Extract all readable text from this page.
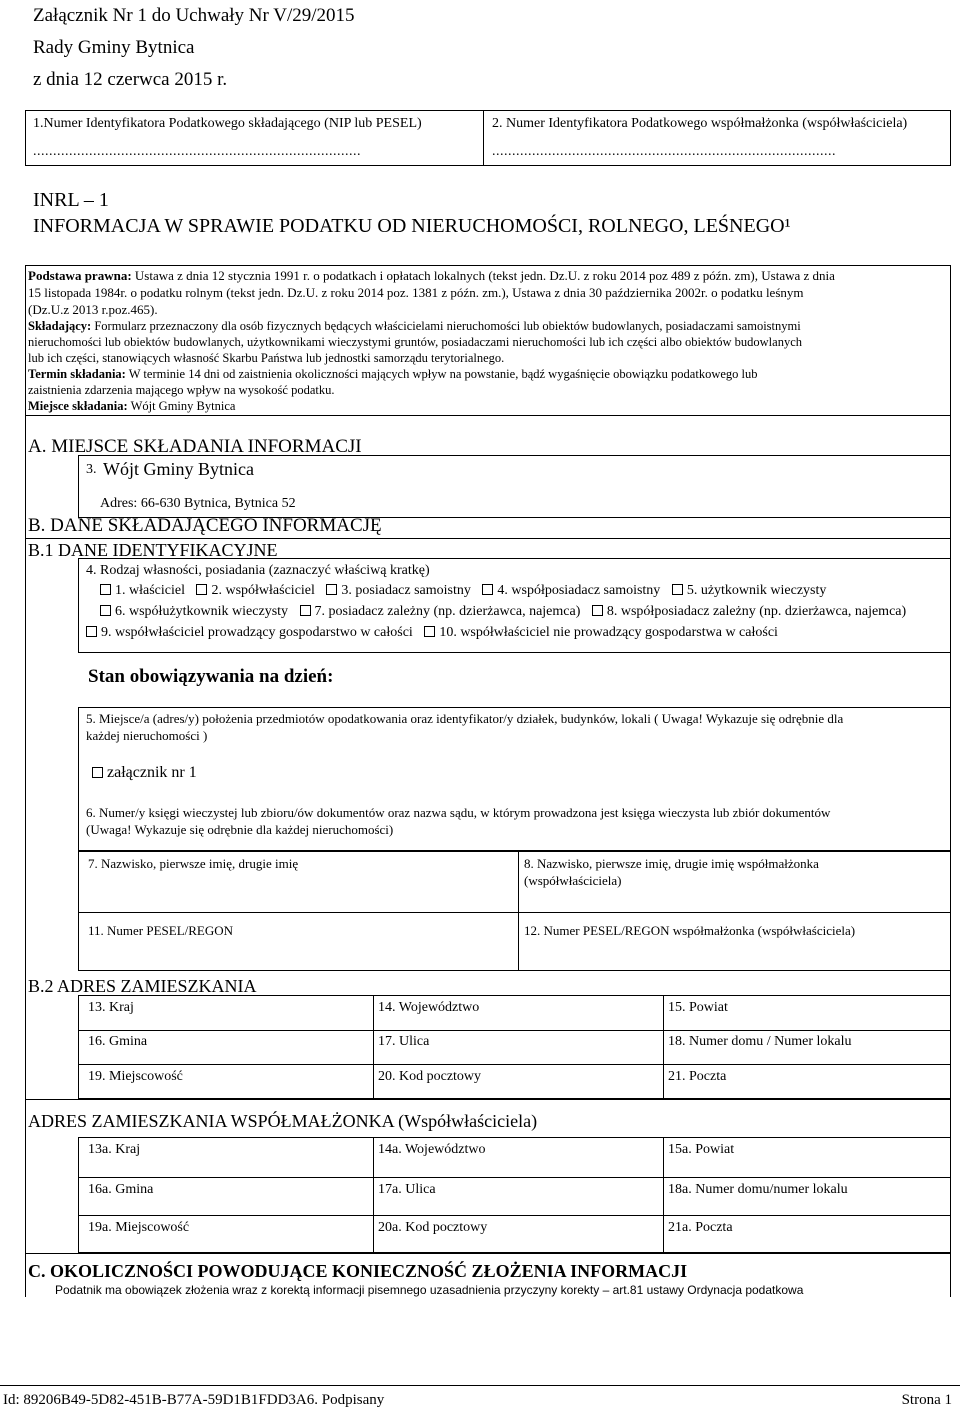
Załącznik Nr 1 do Uchwały Nr V/29/2015
Rady Gminy Bytnica
z dnia 12 czerwca 2015 r.
1.Numer Identyfikatora Podatkowego składającego (NIP lub PESEL)
..................................................................................
2. Numer Identyfikatora Podatkowego współmałżonka (współwłaściciela)
......................................................................................
INRL – 1
INFORMACJA W SPRAWIE PODATKU OD NIERUCHOMOŚCI, ROLNEGO, LEŚNEGO¹
Podstawa prawna: Ustawa z dnia 12 stycznia 1991 r. o podatkach i opłatach lokalnych (tekst jedn. Dz.U. z roku 2014 poz 489 z późn. zm), Ustawa z dnia
15 listopada 1984r. o podatku rolnym (tekst jedn. Dz.U. z roku 2014 poz. 1381 z późn. zm.), Ustawa z dnia 30 października 2002r. o podatku leśnym
(Dz.U.z 2013 r.poz.465).
Składający: Formularz przeznaczony dla osób fizycznych będących właścicielami nieruchomości lub obiektów budowlanych, posiadaczami samoistnymi
nieruchomości lub obiektów budowlanych, użytkownikami wieczystymi gruntów, posiadaczami nieruchomości lub ich części albo obiektów budowlanych
lub ich części, stanowiących własność Skarbu Państwa lub jednostki samorządu terytorialnego.
Termin składania: W terminie 14 dni od zaistnienia okoliczności mających wpływ na powstanie, bądź wygaśnięcie obowiązku podatkowego lub
zaistnienia zdarzenia mającego wpływ na wysokość podatku.
Miejsce składania: Wójt Gminy Bytnica
A. MIEJSCE SKŁADANIA INFORMACJI
3. Wójt Gminy Bytnica
Adres: 66-630 Bytnica, Bytnica 52
B. DANE SKŁADAJĄCEGO INFORMACJĘ
B.1 DANE IDENTYFIKACYJNE
4. Rodzaj własności, posiadania (zaznaczyć właściwą kratkę)
1. właściciel 2. współwłaściciel 3. posiadacz samoistny 4. współposiadacz samoistny 5. użytkownik wieczysty
6. współużytkownik wieczysty 7. posiadacz zależny (np. dzierżawca, najemca) 8. współposiadacz zależny (np. dzierżawca, najemca)
9. współwłaściciel prowadzący gospodarstwo w całości 10. współwłaściciel nie prowadzący gospodarstwa w całości
Stan obowiązywania na dzień:
5. Miejsce/a (adres/y) położenia przedmiotów opodatkowania oraz identyfikator/y działek, budynków, lokali ( Uwaga! Wykazuje się odrębnie dla
każdej nieruchomości )
załącznik nr 1
6. Numer/y księgi wieczystej lub zbioru/ów dokumentów oraz nazwa sądu, w którym prowadzona jest księga wieczysta lub zbiór dokumentów
(Uwaga! Wykazuje się odrębnie dla każdej nieruchomości)
7. Nazwisko, pierwsze imię, drugie imię	8. Nazwisko, pierwsze imię, drugie imię współmałżonka
(współwłaściciela)
11. Numer PESEL/REGON	12. Numer PESEL/REGON współmałżonka (współwłaściciela)
B.2 ADRES ZAMIESZKANIA
13. Kraj	14. Województwo	15. Powiat
16. Gmina	17. Ulica	18. Numer domu / Numer lokalu
19. Miejscowość	20. Kod pocztowy	21. Poczta
ADRES ZAMIESZKANIA WSPÓŁMAŁŻONKA (Współwłaściciela)
13a. Kraj	14a. Województwo	15a. Powiat
16a. Gmina	17a. Ulica	18a. Numer domu/numer lokalu
19a. Miejscowość	20a. Kod pocztowy	21a. Poczta
C. OKOLICZNOŚCI POWODUJĄCE KONIECZNOŚĆ ZŁOŻENIA INFORMACJI
Podatnik ma obowiązek złożenia wraz z korektą informacji pisemnego uzasadnienia przyczyny korekty – art.81 ustawy Ordynacja podatkowa
Id: 89206B49-5D82-451B-B77A-59D1B1FDD3A6. Podpisany	Strona 1
